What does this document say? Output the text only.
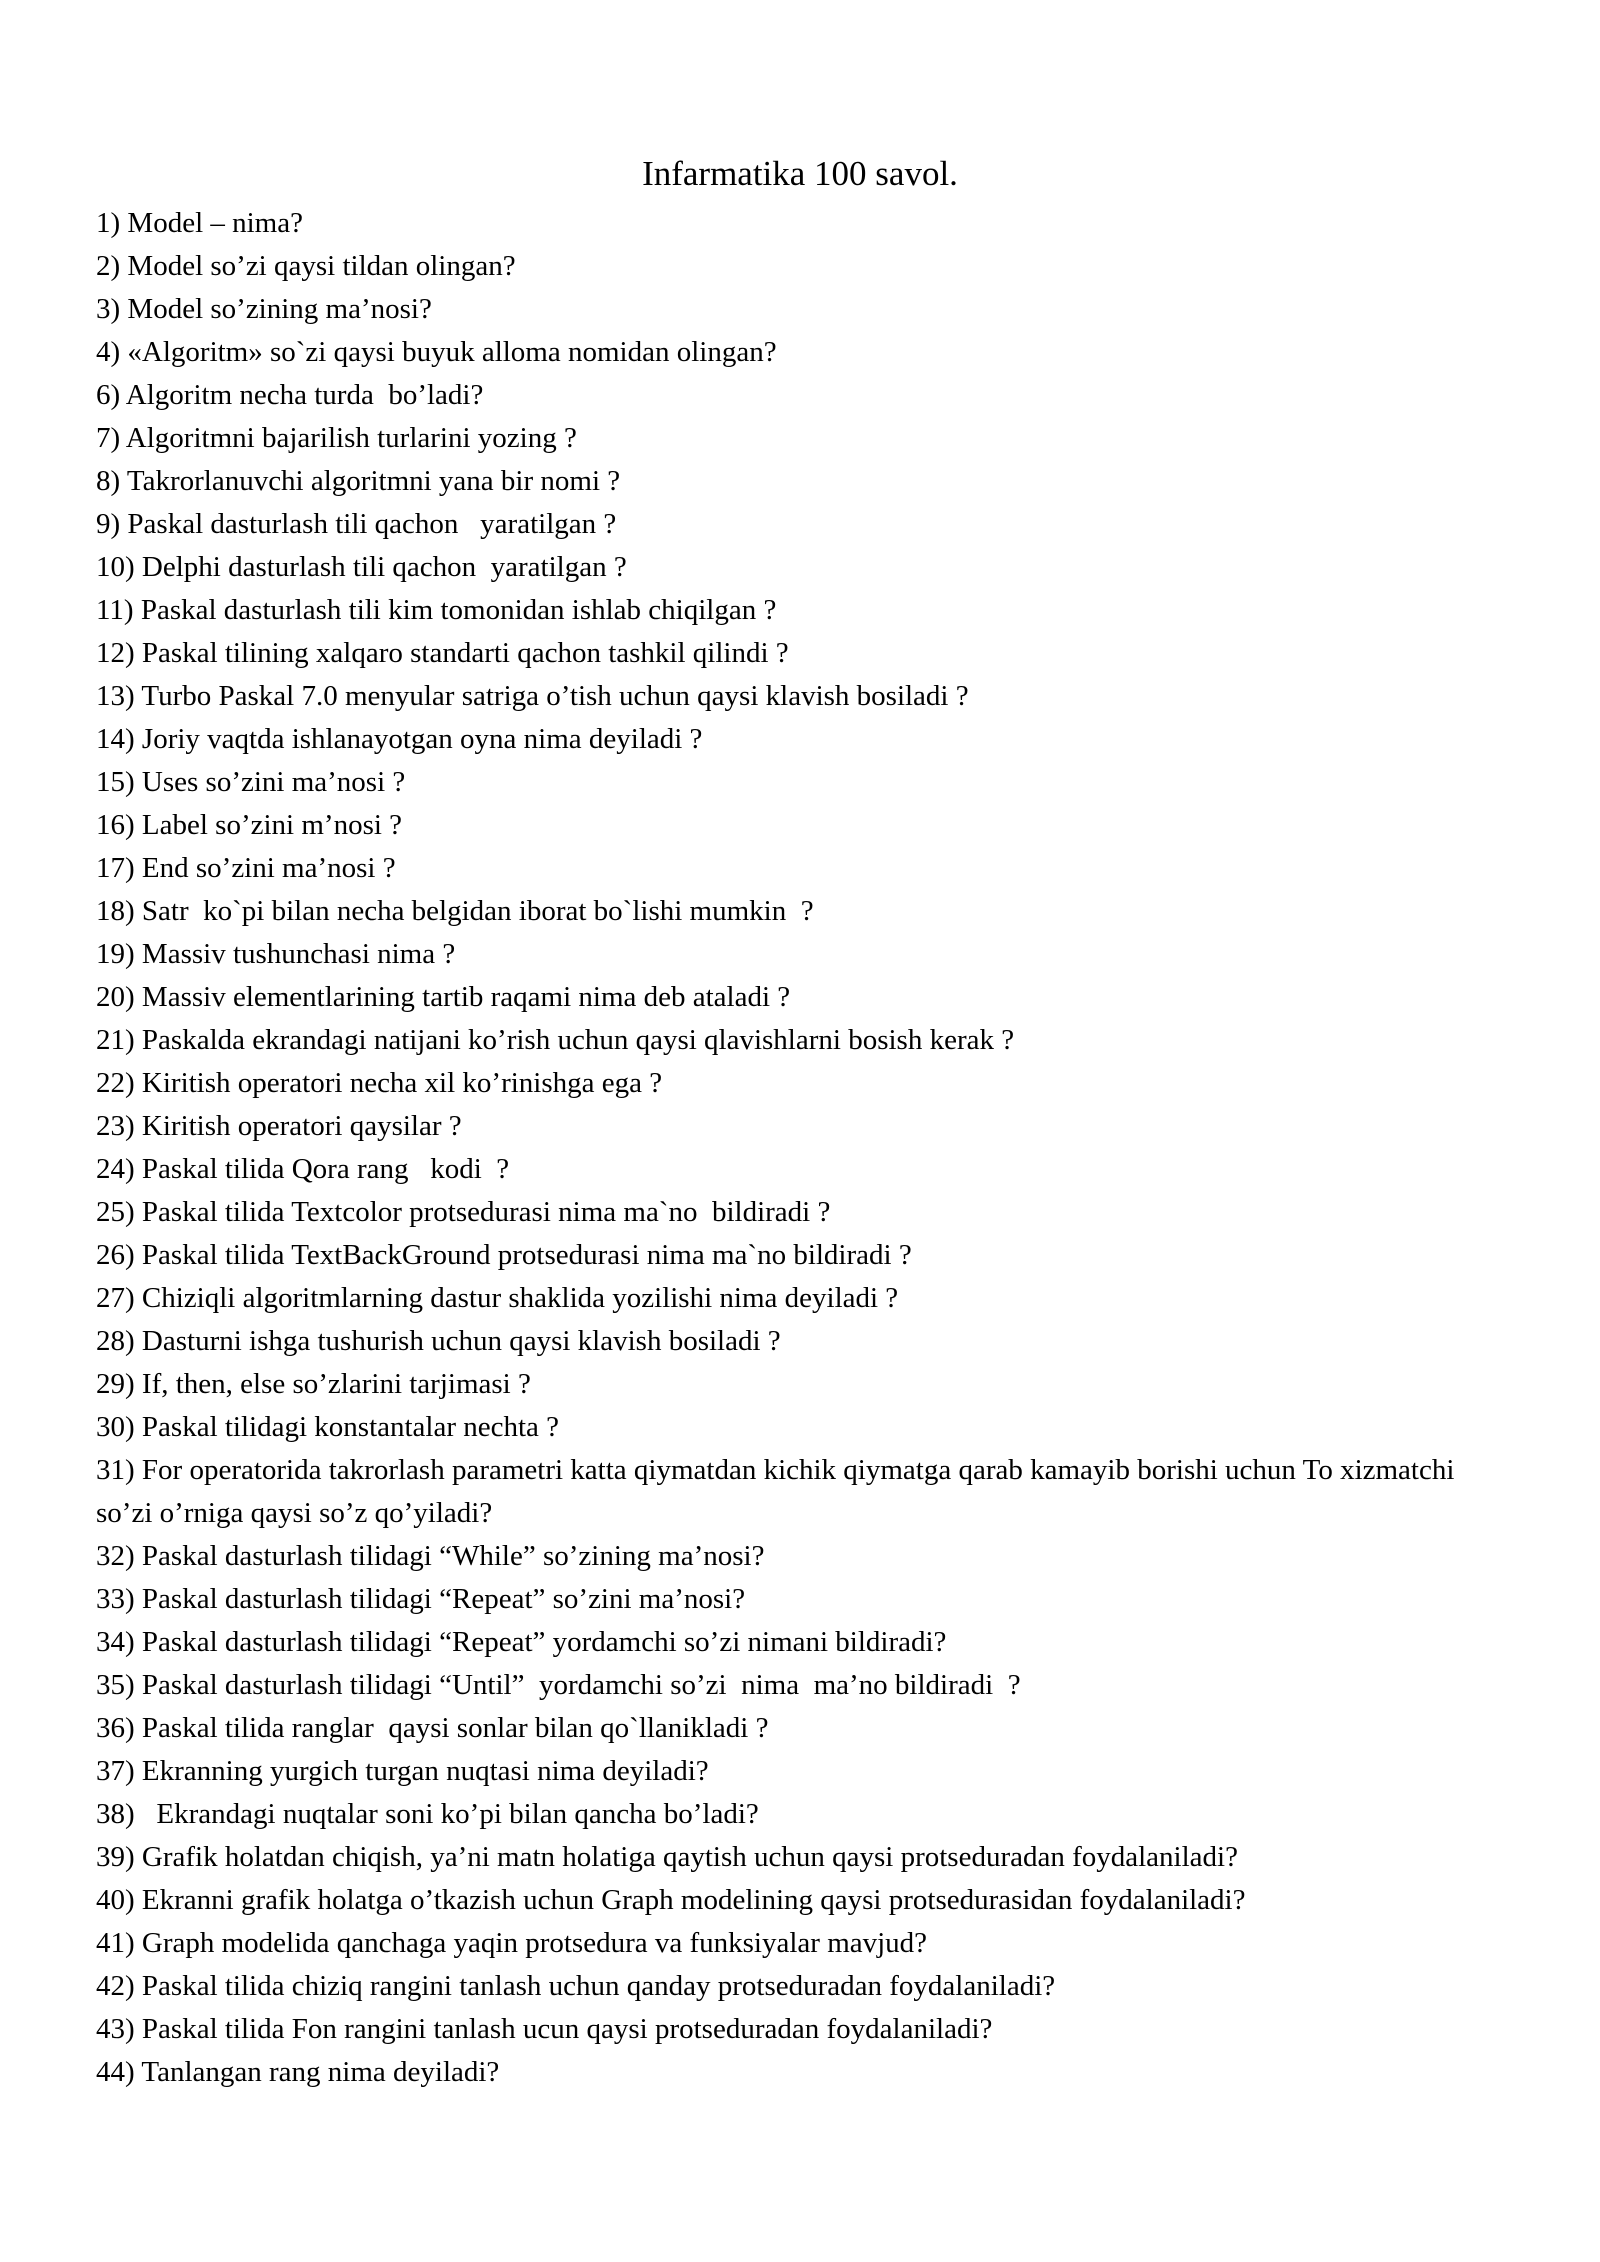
Infarmatika 100 savol.
1) Model – nima?
2) Model so’zi qaysi tildan olingan?
3) Model so’zining ma’nosi?
4) «Algoritm» so`zi qaysi buyuk alloma nomidan olingan?
6) Algoritm necha turda  bo’ladi?
7) Algoritmni bajarilish turlarini yozing ?
8) Takrorlanuvchi algoritmni yana bir nomi ?
9) Paskal dasturlash tili qachon   yaratilgan ?
10) Delphi dasturlash tili qachon  yaratilgan ?
11) Paskal dasturlash tili kim tomonidan ishlab chiqilgan ?
12) Paskal tilining xalqaro standarti qachon tashkil qilindi ?
13) Turbo Paskal 7.0 menyular satriga o’tish uchun qaysi klavish bosiladi ?
14) Joriy vaqtda ishlanayotgan oyna nima deyiladi ?
15) Uses so’zini ma’nosi ?
16) Label so’zini m’nosi ?
17) End so’zini ma’nosi ?
18) Satr  ko`pi bilan necha belgidan iborat bo`lishi mumkin  ?
19) Massiv tushunchasi nima ?
20) Massiv elementlarining tartib raqami nima deb ataladi ?
21) Paskalda ekrandagi natijani ko’rish uchun qaysi qlavishlarni bosish kerak ?
22) Kiritish operatori necha xil ko’rinishga ega ?
23) Kiritish operatori qaysilar ?
24) Paskal tilida Qora rang   kodi  ?
25) Paskal tilida Textcolor protsedurasi nima ma`no  bildiradi ?
26) Paskal tilida TextBackGround protsedurasi nima ma`no bildiradi ?
27) Chiziqli algoritmlarning dastur shaklida yozilishi nima deyiladi ?
28) Dasturni ishga tushurish uchun qaysi klavish bosiladi ?
29) If, then, else so’zlarini tarjimasi ?
30) Paskal tilidagi konstantalar nechta ?
31) For operatorida takrorlash parametri katta qiymatdan kichik qiymatga qarab kamayib borishi uchun To xizmatchi so’zi o’rniga qaysi so’z qo’yiladi?
32) Paskal dasturlash tilidagi “While” so’zining ma’nosi?
33) Paskal dasturlash tilidagi “Repeat” so’zini ma’nosi?
34) Paskal dasturlash tilidagi “Repeat” yordamchi so’zi nimani bildiradi?
35) Paskal dasturlash tilidagi “Until”  yordamchi so’zi  nima  ma’no bildiradi  ?
36) Paskal tilida ranglar  qaysi sonlar bilan qo`llanikladi ?
37) Ekranning yurgich turgan nuqtasi nima deyiladi?
38)   Ekrandagi nuqtalar soni ko’pi bilan qancha bo’ladi?
39) Grafik holatdan chiqish, ya’ni matn holatiga qaytish uchun qaysi protseduradan foydalaniladi?
40) Ekranni grafik holatga o’tkazish uchun Graph modelining qaysi protsedurasidan foydalaniladi?
41) Graph modelida qanchaga yaqin protsedura va funksiyalar mavjud?
42) Paskal tilida chiziq rangini tanlash uchun qanday protseduradan foydalaniladi?
43) Paskal tilida Fon rangini tanlash ucun qaysi protseduradan foydalaniladi?
44) Tanlangan rang nima deyiladi?
